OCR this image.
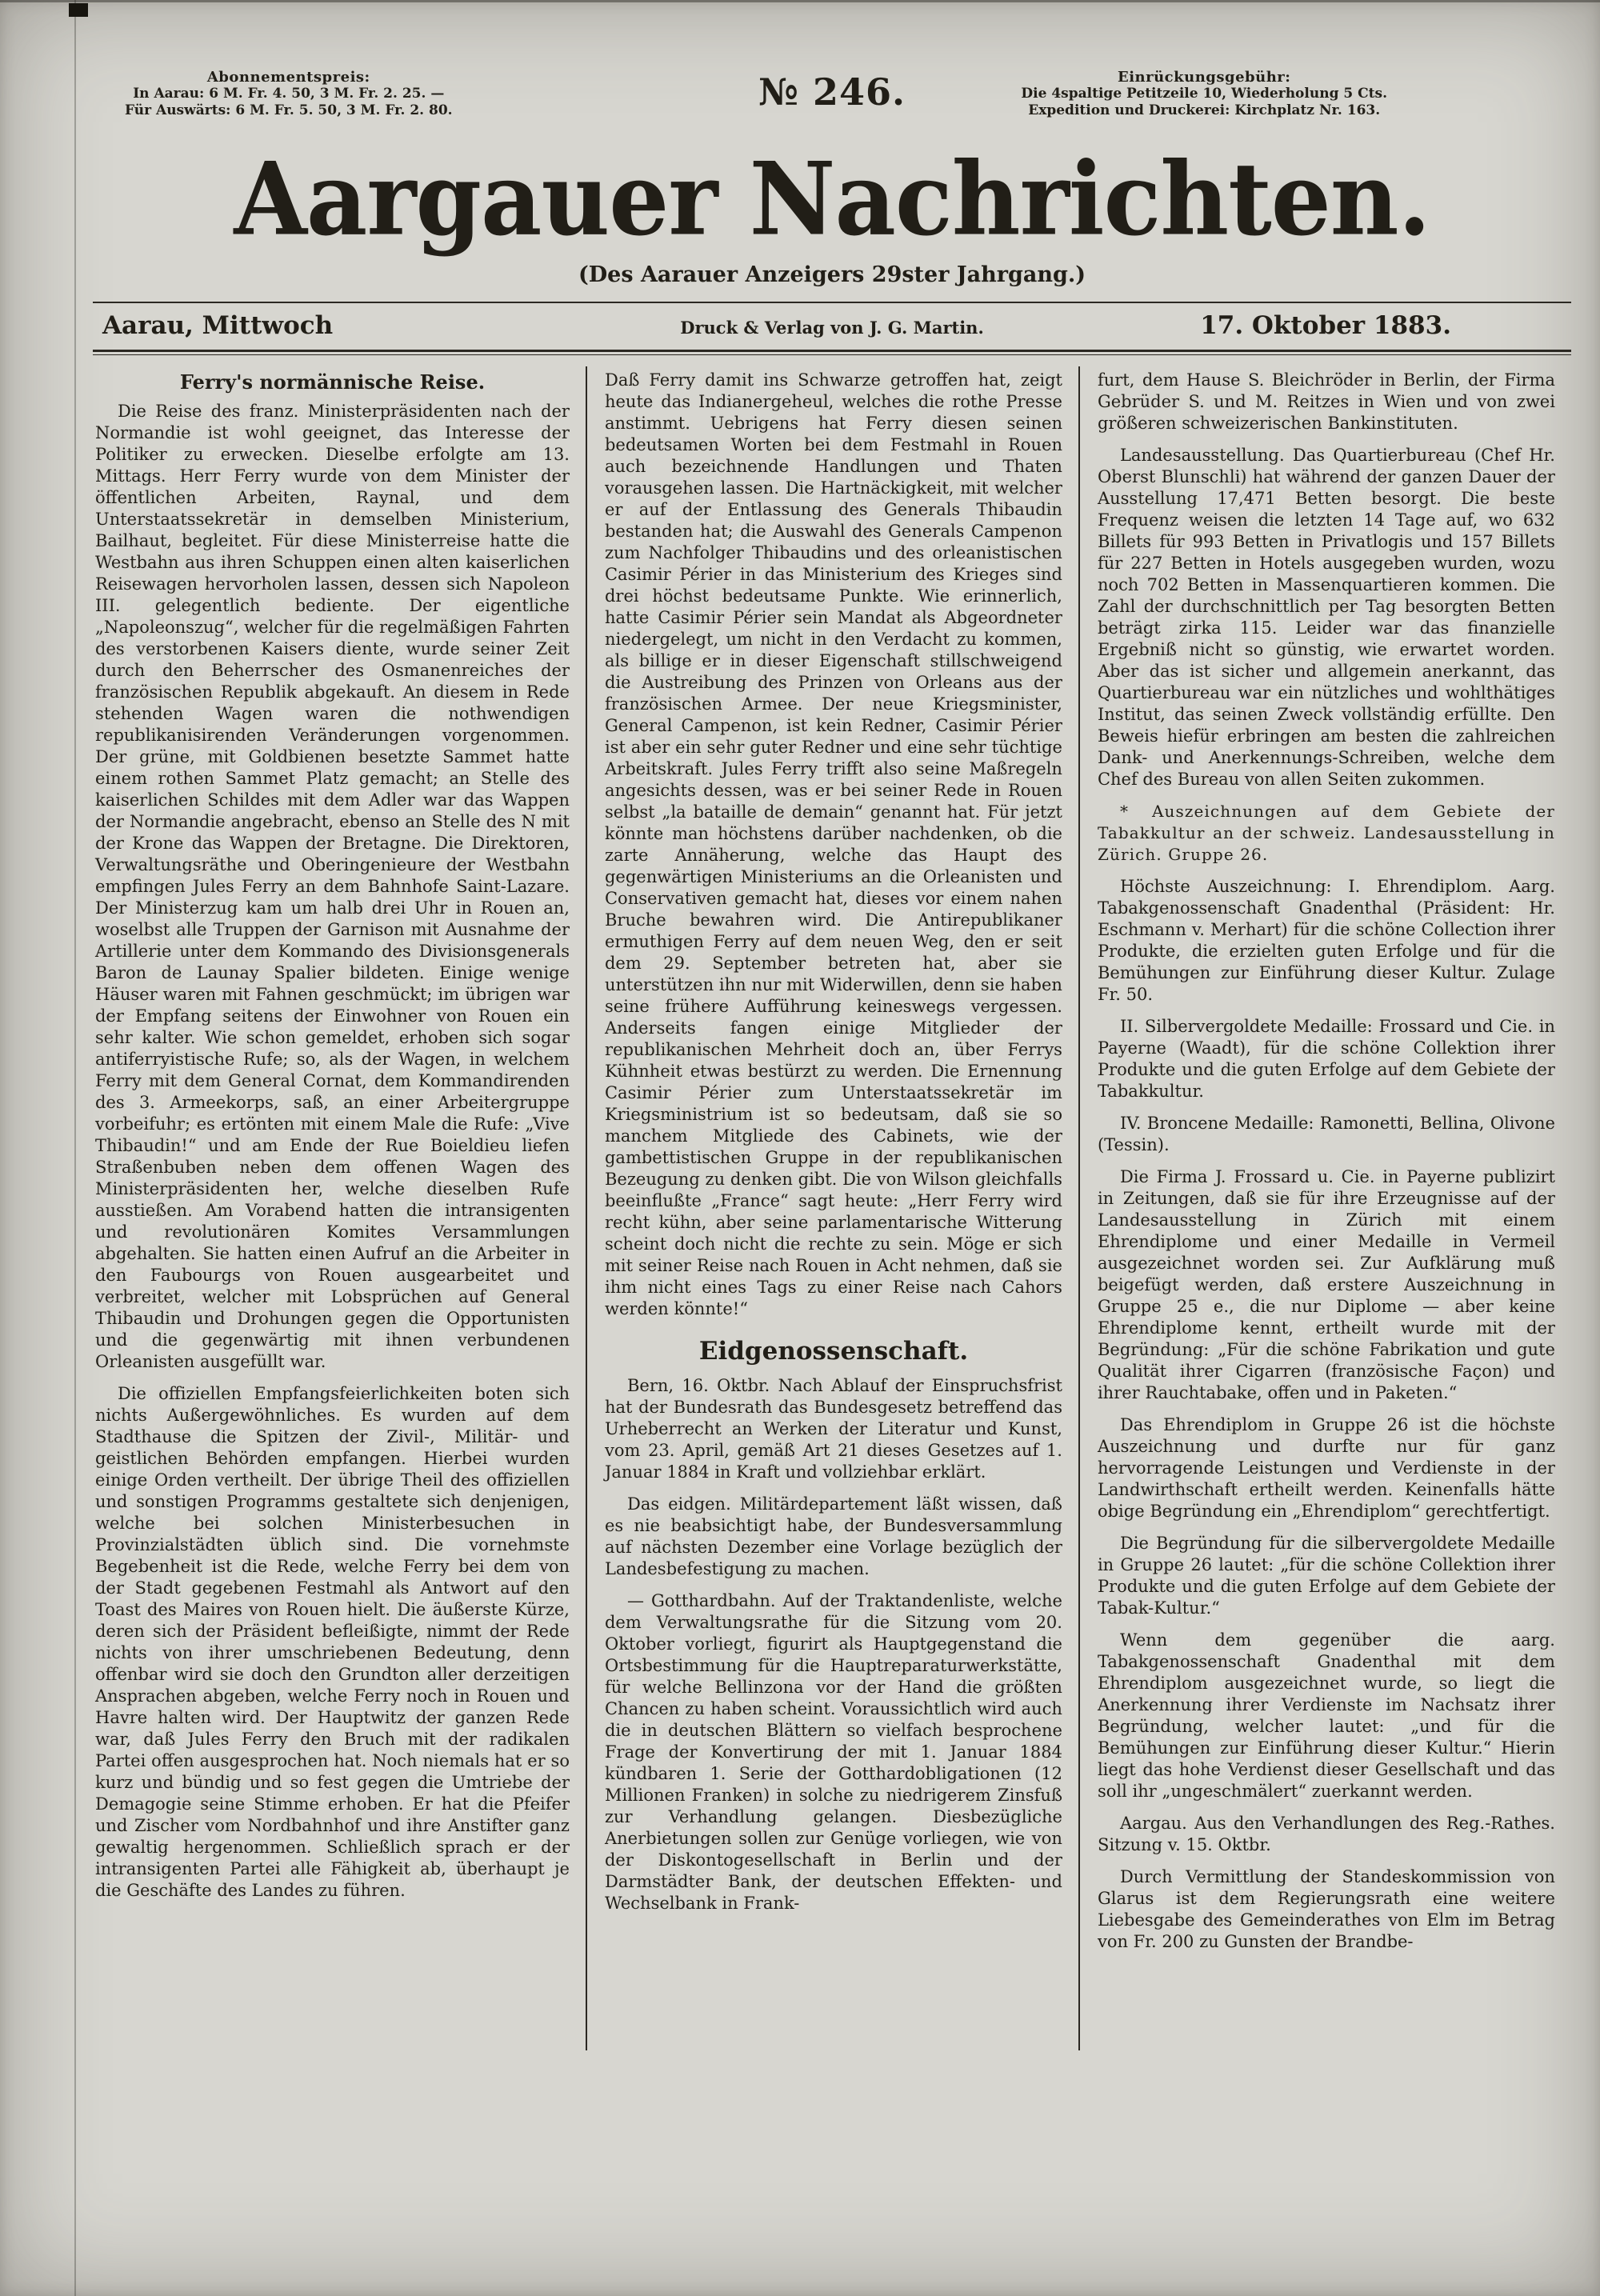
Abonnementspreis:
In Aarau: 6 M. Fr. 4. 50, 3 M. Fr. 2. 25. —
Für Auswärts: 6 M. Fr. 5. 50, 3 M. Fr. 2. 80.	№ 246.	Einrückungsgebühr:
Die 4spaltige Petitzeile 10, Wiederholung 5 Cts.
Expedition und Druckerei: Kirchplatz Nr. 163.
Aargauer Nachrichten.
(Des Aarauer Anzeigers 29ster Jahrgang.)
Aarau, Mittwoch	Druck & Verlag von J. G. Martin.	17. Oktober 1883.
Ferry's normännische Reise.

Die Reise des franz. Ministerpräsidenten nach der Normandie ist wohl geeignet, das Interesse der Politiker zu erwecken. Dieselbe erfolgte am 13. Mittags. Herr Ferry wurde von dem Minister der öffentlichen Arbeiten, Raynal, und dem Unterstaatssekretär in demselben Ministerium, Bailhaut, begleitet. Für diese Ministerreise hatte die Westbahn aus ihren Schuppen einen alten kaiserlichen Reisewagen hervorholen lassen, dessen sich Napoleon III. gelegentlich bediente. Der eigentliche „Napoleonszug“, welcher für die regelmäßigen Fahrten des verstorbenen Kaisers diente, wurde seiner Zeit durch den Beherrscher des Osmanenreiches der französischen Republik abgekauft. An diesem in Rede stehenden Wagen waren die nothwendigen republikanisirenden Veränderungen vorgenommen. Der grüne, mit Goldbienen besetzte Sammet hatte einem rothen Sammet Platz gemacht; an Stelle des kaiserlichen Schildes mit dem Adler war das Wappen der Normandie angebracht, ebenso an Stelle des N mit der Krone das Wappen der Bretagne. Die Direktoren, Verwaltungsräthe und Oberingenieure der Westbahn empfingen Jules Ferry an dem Bahnhofe Saint-Lazare. Der Ministerzug kam um halb drei Uhr in Rouen an, woselbst alle Truppen der Garnison mit Ausnahme der Artillerie unter dem Kommando des Divisionsgenerals Baron de Launay Spalier bildeten. Einige wenige Häuser waren mit Fahnen geschmückt; im übrigen war der Empfang seitens der Einwohner von Rouen ein sehr kalter. Wie schon gemeldet, erhoben sich sogar antiferryistische Rufe; so, als der Wagen, in welchem Ferry mit dem General Cornat, dem Kommandirenden des 3. Armeekorps, saß, an einer Arbeitergruppe vorbeifuhr; es ertönten mit einem Male die Rufe: „Vive Thibaudin!“ und am Ende der Rue Boieldieu liefen Straßenbuben neben dem offenen Wagen des Ministerpräsidenten her, welche dieselben Rufe ausstießen. Am Vorabend hatten die intransigenten und revolutionären Komites Versammlungen abgehalten. Sie hatten einen Aufruf an die Arbeiter in den Faubourgs von Rouen ausgearbeitet und verbreitet, welcher mit Lobsprüchen auf General Thibaudin und Drohungen gegen die Opportunisten und die gegenwärtig mit ihnen verbundenen Orleanisten ausgefüllt war.

Die offiziellen Empfangsfeierlichkeiten boten sich nichts Außergewöhnliches. Es wurden auf dem Stadthause die Spitzen der Zivil-, Militär- und geistlichen Behörden empfangen. Hierbei wurden einige Orden vertheilt. Der übrige Theil des offiziellen und sonstigen Programms gestaltete sich denjenigen, welche bei solchen Ministerbesuchen in Provinzialstädten üblich sind. Die vornehmste Begebenheit ist die Rede, welche Ferry bei dem von der Stadt gegebenen Festmahl als Antwort auf den Toast des Maires von Rouen hielt. Die äußerste Kürze, deren sich der Präsident befleißigte, nimmt der Rede nichts von ihrer umschriebenen Bedeutung, denn offenbar wird sie doch den Grundton aller derzeitigen Ansprachen abgeben, welche Ferry noch in Rouen und Havre halten wird. Der Hauptwitz der ganzen Rede war, daß Jules Ferry den Bruch mit der radikalen Partei offen ausgesprochen hat. Noch niemals hat er so kurz und bündig und so fest gegen die Umtriebe der Demagogie seine Stimme erhoben. Er hat die Pfeifer und Zischer vom Nordbahnhof und ihre Anstifter ganz gewaltig hergenommen. Schließlich sprach er der intransigenten Partei alle Fähigkeit ab, überhaupt je die Geschäfte des Landes zu führen.

Daß Ferry damit ins Schwarze getroffen hat, zeigt heute das Indianergeheul, welches die rothe Presse anstimmt. Uebrigens hat Ferry diesen seinen bedeutsamen Worten bei dem Festmahl in Rouen auch bezeichnende Handlungen und Thaten vorausgehen lassen. Die Hartnäckigkeit, mit welcher er auf der Entlassung des Generals Thibaudin bestanden hat; die Auswahl des Generals Campenon zum Nachfolger Thibaudins und des orleanistischen Casimir Périer in das Ministerium des Krieges sind drei höchst bedeutsame Punkte. Wie erinnerlich, hatte Casimir Périer sein Mandat als Abgeordneter niedergelegt, um nicht in den Verdacht zu kommen, als billige er in dieser Eigenschaft stillschweigend die Austreibung des Prinzen von Orleans aus der französischen Armee. Der neue Kriegsminister, General Campenon, ist kein Redner, Casimir Périer ist aber ein sehr guter Redner und eine sehr tüchtige Arbeitskraft. Jules Ferry trifft also seine Maßregeln angesichts dessen, was er bei seiner Rede in Rouen selbst „la bataille de demain“ genannt hat. Für jetzt könnte man höchstens darüber nachdenken, ob die zarte Annäherung, welche das Haupt des gegenwärtigen Ministeriums an die Orleanisten und Conservativen gemacht hat, dieses vor einem nahen Bruche bewahren wird. Die Antirepublikaner ermuthigen Ferry auf dem neuen Weg, den er seit dem 29. September betreten hat, aber sie unterstützen ihn nur mit Widerwillen, denn sie haben seine frühere Aufführung keineswegs vergessen. Anderseits fangen einige Mitglieder der republikanischen Mehrheit doch an, über Ferrys Kühnheit etwas bestürzt zu werden. Die Ernennung Casimir Périer zum Unterstaatssekretär im Kriegsministrium ist so bedeutsam, daß sie so manchem Mitgliede des Cabinets, wie der gambettistischen Gruppe in der republikanischen Bezeugung zu denken gibt. Die von Wilson gleichfalls beeinflußte „France“ sagt heute: „Herr Ferry wird recht kühn, aber seine parlamentarische Witterung scheint doch nicht die rechte zu sein. Möge er sich mit seiner Reise nach Rouen in Acht nehmen, daß sie ihm nicht eines Tags zu einer Reise nach Cahors werden könnte!“

Eidgenossenschaft.

Bern, 16. Oktbr. Nach Ablauf der Einspruchsfrist hat der Bundesrath das Bundesgesetz betreffend das Urheberrecht an Werken der Literatur und Kunst, vom 23. April, gemäß Art 21 dieses Gesetzes auf 1. Januar 1884 in Kraft und vollziehbar erklärt.

Das eidgen. Militärdepartement läßt wissen, daß es nie beabsichtigt habe, der Bundesversammlung auf nächsten Dezember eine Vorlage bezüglich der Landesbefestigung zu machen.

— Gotthardbahn. Auf der Traktandenliste, welche dem Verwaltungsrathe für die Sitzung vom 20. Oktober vorliegt, figurirt als Hauptgegenstand die Ortsbestimmung für die Hauptreparaturwerkstätte, für welche Bellinzona vor der Hand die größten Chancen zu haben scheint. Voraussichtlich wird auch die in deutschen Blättern so vielfach besprochene Frage der Konvertirung der mit 1. Januar 1884 kündbaren 1. Serie der Gotthardobligationen (12 Millionen Franken) in solche zu niedrigerem Zinsfuß zur Verhandlung gelangen. Diesbezügliche Anerbietungen sollen zur Genüge vorliegen, wie von der Diskontogesellschaft in Berlin und der Darmstädter Bank, der deutschen Effekten- und Wechselbank in Frank-

furt, dem Hause S. Bleichröder in Berlin, der Firma Gebrüder S. und M. Reitzes in Wien und von zwei größeren schweizerischen Bankinstituten.

Landesausstellung. Das Quartierbureau (Chef Hr. Oberst Blunschli) hat während der ganzen Dauer der Ausstellung 17,471 Betten besorgt. Die beste Frequenz weisen die letzten 14 Tage auf, wo 632 Billets für 993 Betten in Privatlogis und 157 Billets für 227 Betten in Hotels ausgegeben wurden, wozu noch 702 Betten in Massenquartieren kommen. Die Zahl der durchschnittlich per Tag besorgten Betten beträgt zirka 115. Leider war das finanzielle Ergebniß nicht so günstig, wie erwartet worden. Aber das ist sicher und allgemein anerkannt, das Quartierbureau war ein nützliches und wohlthätiges Institut, das seinen Zweck vollständig erfüllte. Den Beweis hiefür erbringen am besten die zahlreichen Dank- und Anerkennungs-Schreiben, welche dem Chef des Bureau von allen Seiten zukommen.

* Auszeichnungen auf dem Gebiete der Tabakkultur an der schweiz. Landesausstellung in Zürich. Gruppe 26.

Höchste Auszeichnung: I. Ehrendiplom. Aarg. Tabakgenossenschaft Gnadenthal (Präsident: Hr. Eschmann v. Merhart) für die schöne Collection ihrer Produkte, die erzielten guten Erfolge und für die Bemühungen zur Einführung dieser Kultur. Zulage Fr. 50.

II. Silbervergoldete Medaille: Frossard und Cie. in Payerne (Waadt), für die schöne Collektion ihrer Produkte und die guten Erfolge auf dem Gebiete der Tabakkultur.

IV. Broncene Medaille: Ramonetti, Bellina, Olivone (Tessin).

Die Firma J. Frossard u. Cie. in Payerne publizirt in Zeitungen, daß sie für ihre Erzeugnisse auf der Landesausstellung in Zürich mit einem Ehrendiplome und einer Medaille in Vermeil ausgezeichnet worden sei. Zur Aufklärung muß beigefügt werden, daß erstere Auszeichnung in Gruppe 25 e., die nur Diplome — aber keine Ehrendiplome kennt, ertheilt wurde mit der Begründung: „Für die schöne Fabrikation und gute Qualität ihrer Cigarren (französische Façon) und ihrer Rauchtabake, offen und in Paketen.“

Das Ehrendiplom in Gruppe 26 ist die höchste Auszeichnung und durfte nur für ganz hervorragende Leistungen und Verdienste in der Landwirthschaft ertheilt werden. Keinenfalls hätte obige Begründung ein „Ehrendiplom“ gerechtfertigt.

Die Begründung für die silbervergoldete Medaille in Gruppe 26 lautet: „für die schöne Collektion ihrer Produkte und die guten Erfolge auf dem Gebiete der Tabak-Kultur.“

Wenn dem gegenüber die aarg. Tabakgenossenschaft Gnadenthal mit dem Ehrendiplom ausgezeichnet wurde, so liegt die Anerkennung ihrer Verdienste im Nachsatz ihrer Begründung, welcher lautet: „und für die Bemühungen zur Einführung dieser Kultur.“ Hierin liegt das hohe Verdienst dieser Gesellschaft und das soll ihr „ungeschmälert“ zuerkannt werden.

Aargau. Aus den Verhandlungen des Reg.-Rathes. Sitzung v. 15. Oktbr.

Durch Vermittlung der Standeskommission von Glarus ist dem Regierungsrath eine weitere Liebesgabe des Gemeinderathes von Elm im Betrag von Fr. 200 zu Gunsten der Brandbe-
